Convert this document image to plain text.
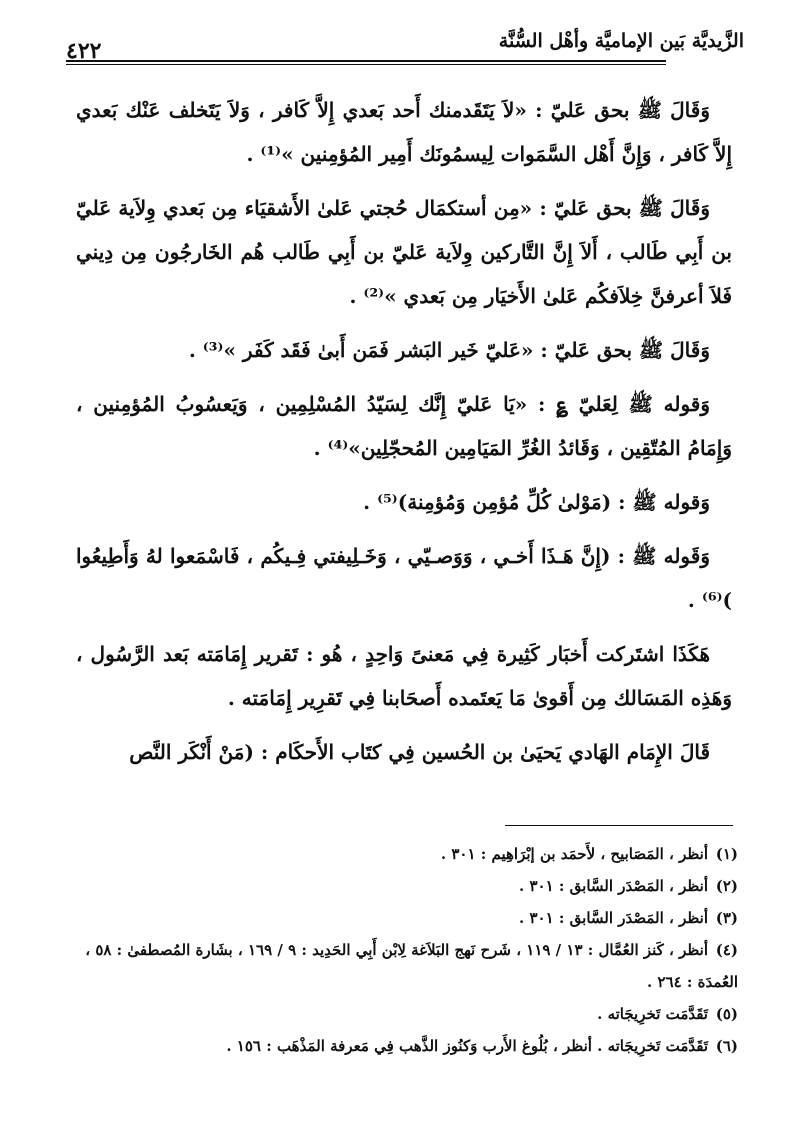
الزَّيديَّة بَين الإماميَّة وأهْل السُّنَّة
٤٢٢

وَقَالَ ﷺ بحق عَليّ : «لاَ يَتَقَدمنك أَحد بَعدي إِلاَّ كَافر ، وَلاَ يَتَخلف عَنْك بَعدي إِلاَّ كَافر ، وَإِنَّ أَهْل السَّمَوات لِيسمُونَك أَمِير المُؤمِنين »⁽¹⁾ .

وَقَالَ ﷺ بحق عَليّ : «مِن أستكمَال حُجتي عَلىٰ الأَشقيَاء مِن بَعدي وِلاَية عَليّ بن أَبِي طَالب ، أَلاَ إِنَّ التَّاركين وِلاَية عَليّ بن أَبِي طَالب هُم الخَارجُون مِن دِيني فَلاَ أعرفنَّ خِلاَفكُم عَلىٰ الأَخيَار مِن بَعدي »⁽²⁾ .

وَقَالَ ﷺ بحق عَليّ : «عَليّ خَير البَشر فَمَن أَبىٰ فَقَد كَفَر »⁽³⁾ .

وَقوله ﷺ لِعَليّ ؏ : «يَا عَليّ إِنَّك لِسَيّدُ المُسْلِمِين ، وَيَعسُوبُ المُؤمِنين ، وَإِمَامُ المُتّقِين ، وَقَائدُ الغُرِّ المَيَامِين المُحجّلِين»⁽⁴⁾ .

وَقوله ﷺ : (مَوْلىٰ كُلِّ مُؤمِن وَمُؤمِنة)⁽⁵⁾ .

وَقَوله ﷺ : (إِنَّ هَـذَا أَخـي ، وَوَصـيّي ، وَخَـلِيفتي فِـيكُم ، فَاسْمَعوا لهُ وَأَطِيعُوا )⁽⁶⁾ .

هَكَذَا اشتَركت أَخبَار كَثِيرة فِي مَعنىً وَاحِدٍ ، هُو : تَقرير إِمَامَته بَعد الرَّسُول ، وَهَذِه المَسَالك مِن أَقوىٰ مَا يَعتَمده أَصحَابنا فِي تَقرِير إِمَامَته .

قَالَ الإِمَام الهَادي يَحيَىٰ بن الحُسين فِي كتَاب الأَحكَام : (مَنْ أَنْكَر النَّص

(١)أنظر ، المَصَابيح ، لأَحمَد بن إبْرَاهِيم : ٣٠١ .

(٢)أنظر ، المَصْدَر السَّابق : ٣٠١ .

(٣)أنظر ، المَصْدَر السَّابق : ٣٠١ .

(٤)أنظر ، كَنز العُمَّال : ١٣ / ١١٩ ، شَرح نَهج البَلاَغة لِابْن أَبِي الحَدِيد : ٩ / ١٦٩ ، بشَارة المُصطفىٰ : ٥٨ ، العُمدَة : ٢٦٤ .

(٥)تَقَدَّمَت تَخرِيجَاته .

(٦)تَقَدَّمَت تَخرِيجَاته . أنظر ، بُلُوغ الأَرب وَكنُوز الذَّهب فِي مَعرفة المَذْهَب : ١٥٦ .
